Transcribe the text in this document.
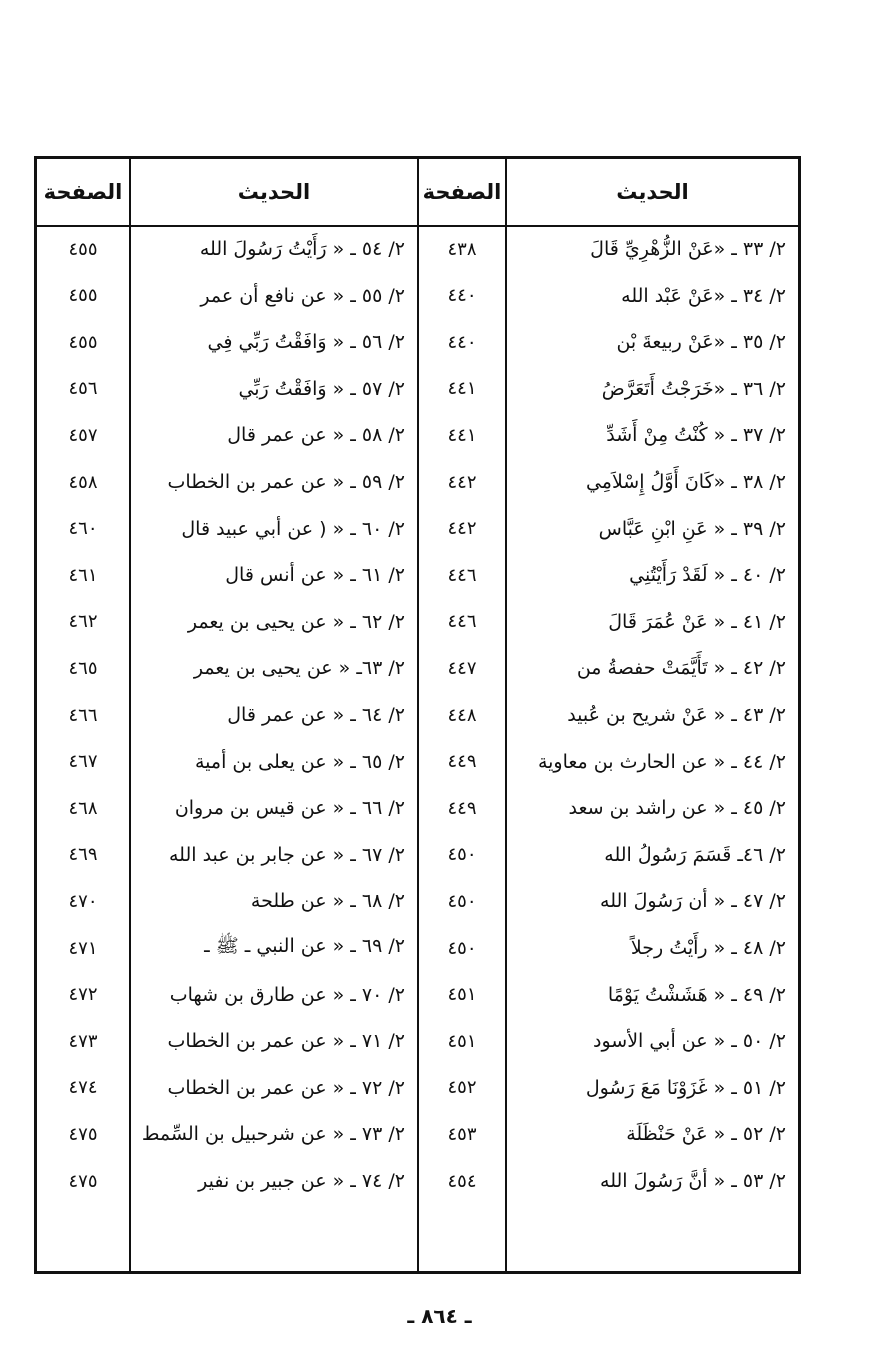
الحديث
الصفحة
الحديث
الصفحة
٢/ ٣٣ ـ «عَنْ الزُّهْرِيِّ قَالَ
٤٣٨
٢/ ٥٤ ـ « رَأَيْتُ رَسُولَ الله
٤٥٥
٢/ ٣٤ ـ «عَنْ عَبْد الله
٤٤٠
٢/ ٥٥ ـ « عن نافع أن عمر
٤٥٥
٢/ ٣٥ ـ «عَنْ ربيعةَ بْن
٤٤٠
٢/ ٥٦ ـ « وَافَقْتُ رَبِّي فِي
٤٥٥
٢/ ٣٦ ـ «خَرَجْتُ أَتَعَرَّضُ
٤٤١
٢/ ٥٧ ـ « وَافَقْتُ رَبِّي
٤٥٦
٢/ ٣٧ ـ « كُنْتُ مِنْ أَشَدِّ
٤٤١
٢/ ٥٨ ـ « عن عمر قال
٤٥٧
٢/ ٣٨ ـ «كَانَ أَوَّلُ إِسْلاَمِي
٤٤٢
٢/ ٥٩ ـ « عن عمر بن الخطاب
٤٥٨
٢/ ٣٩ ـ « عَنِ ابْنِ عَبَّاس
٤٤٢
٢/ ٦٠ ـ « ( عن أبي عبيد قال
٤٦٠
٢/ ٤٠ ـ « لَقَدْ رَأَيْتُنِي
٤٤٦
٢/ ٦١ ـ « عن أنس قال
٤٦١
٢/ ٤١ ـ « عَنْ عُمَرَ قَالَ
٤٤٦
٢/ ٦٢ ـ « عن يحيى بن يعمر
٤٦٢
٢/ ٤٢ ـ « تَأَيَّمَتْ حفصةُ من
٤٤٧
٢/ ٦٣ـ « عن يحيى بن يعمر
٤٦٥
٢/ ٤٣ ـ « عَنْ شريح بن عُبيد
٤٤٨
٢/ ٦٤ ـ « عن عمر قال
٤٦٦
٢/ ٤٤ ـ « عن الحارث بن معاوية
٤٤٩
٢/ ٦٥ ـ « عن يعلى بن أمية
٤٦٧
٢/ ٤٥ ـ « عن راشد بن سعد
٤٤٩
٢/ ٦٦ ـ « عن قيس بن مروان
٤٦٨
٢/ ٤٦ـ قَسَمَ رَسُولُ الله
٤٥٠
٢/ ٦٧ ـ « عن جابر بن عبد الله
٤٦٩
٢/ ٤٧ ـ « أن رَسُولَ الله
٤٥٠
٢/ ٦٨ ـ « عن طلحة
٤٧٠
٢/ ٤٨ ـ « رأَيْتُ رجلاً
٤٥٠
٢/ ٦٩ ـ « عن النبي ـ ﷺ ـ
٤٧١
٢/ ٤٩ ـ « هَشَشْتُ يَوْمًا
٤٥١
٢/ ٧٠ ـ « عن طارق بن شهاب
٤٧٢
٢/ ٥٠ ـ « عن أبي الأسود
٤٥١
٢/ ٧١ ـ « عن عمر بن الخطاب
٤٧٣
٢/ ٥١ ـ « غَزَوْنَا مَعَ رَسُول
٤٥٢
٢/ ٧٢ ـ « عن عمر بن الخطاب
٤٧٤
٢/ ٥٢ ـ « عَنْ حَنْظَلَة
٤٥٣
٢/ ٧٣ ـ « عن شرحبيل بن السِّمط
٤٧٥
٢/ ٥٣ ـ « أنَّ رَسُولَ الله
٤٥٤
٢/ ٧٤ ـ « عن جبير بن نفير
٤٧٥
ـ ٨٦٤ ـ
